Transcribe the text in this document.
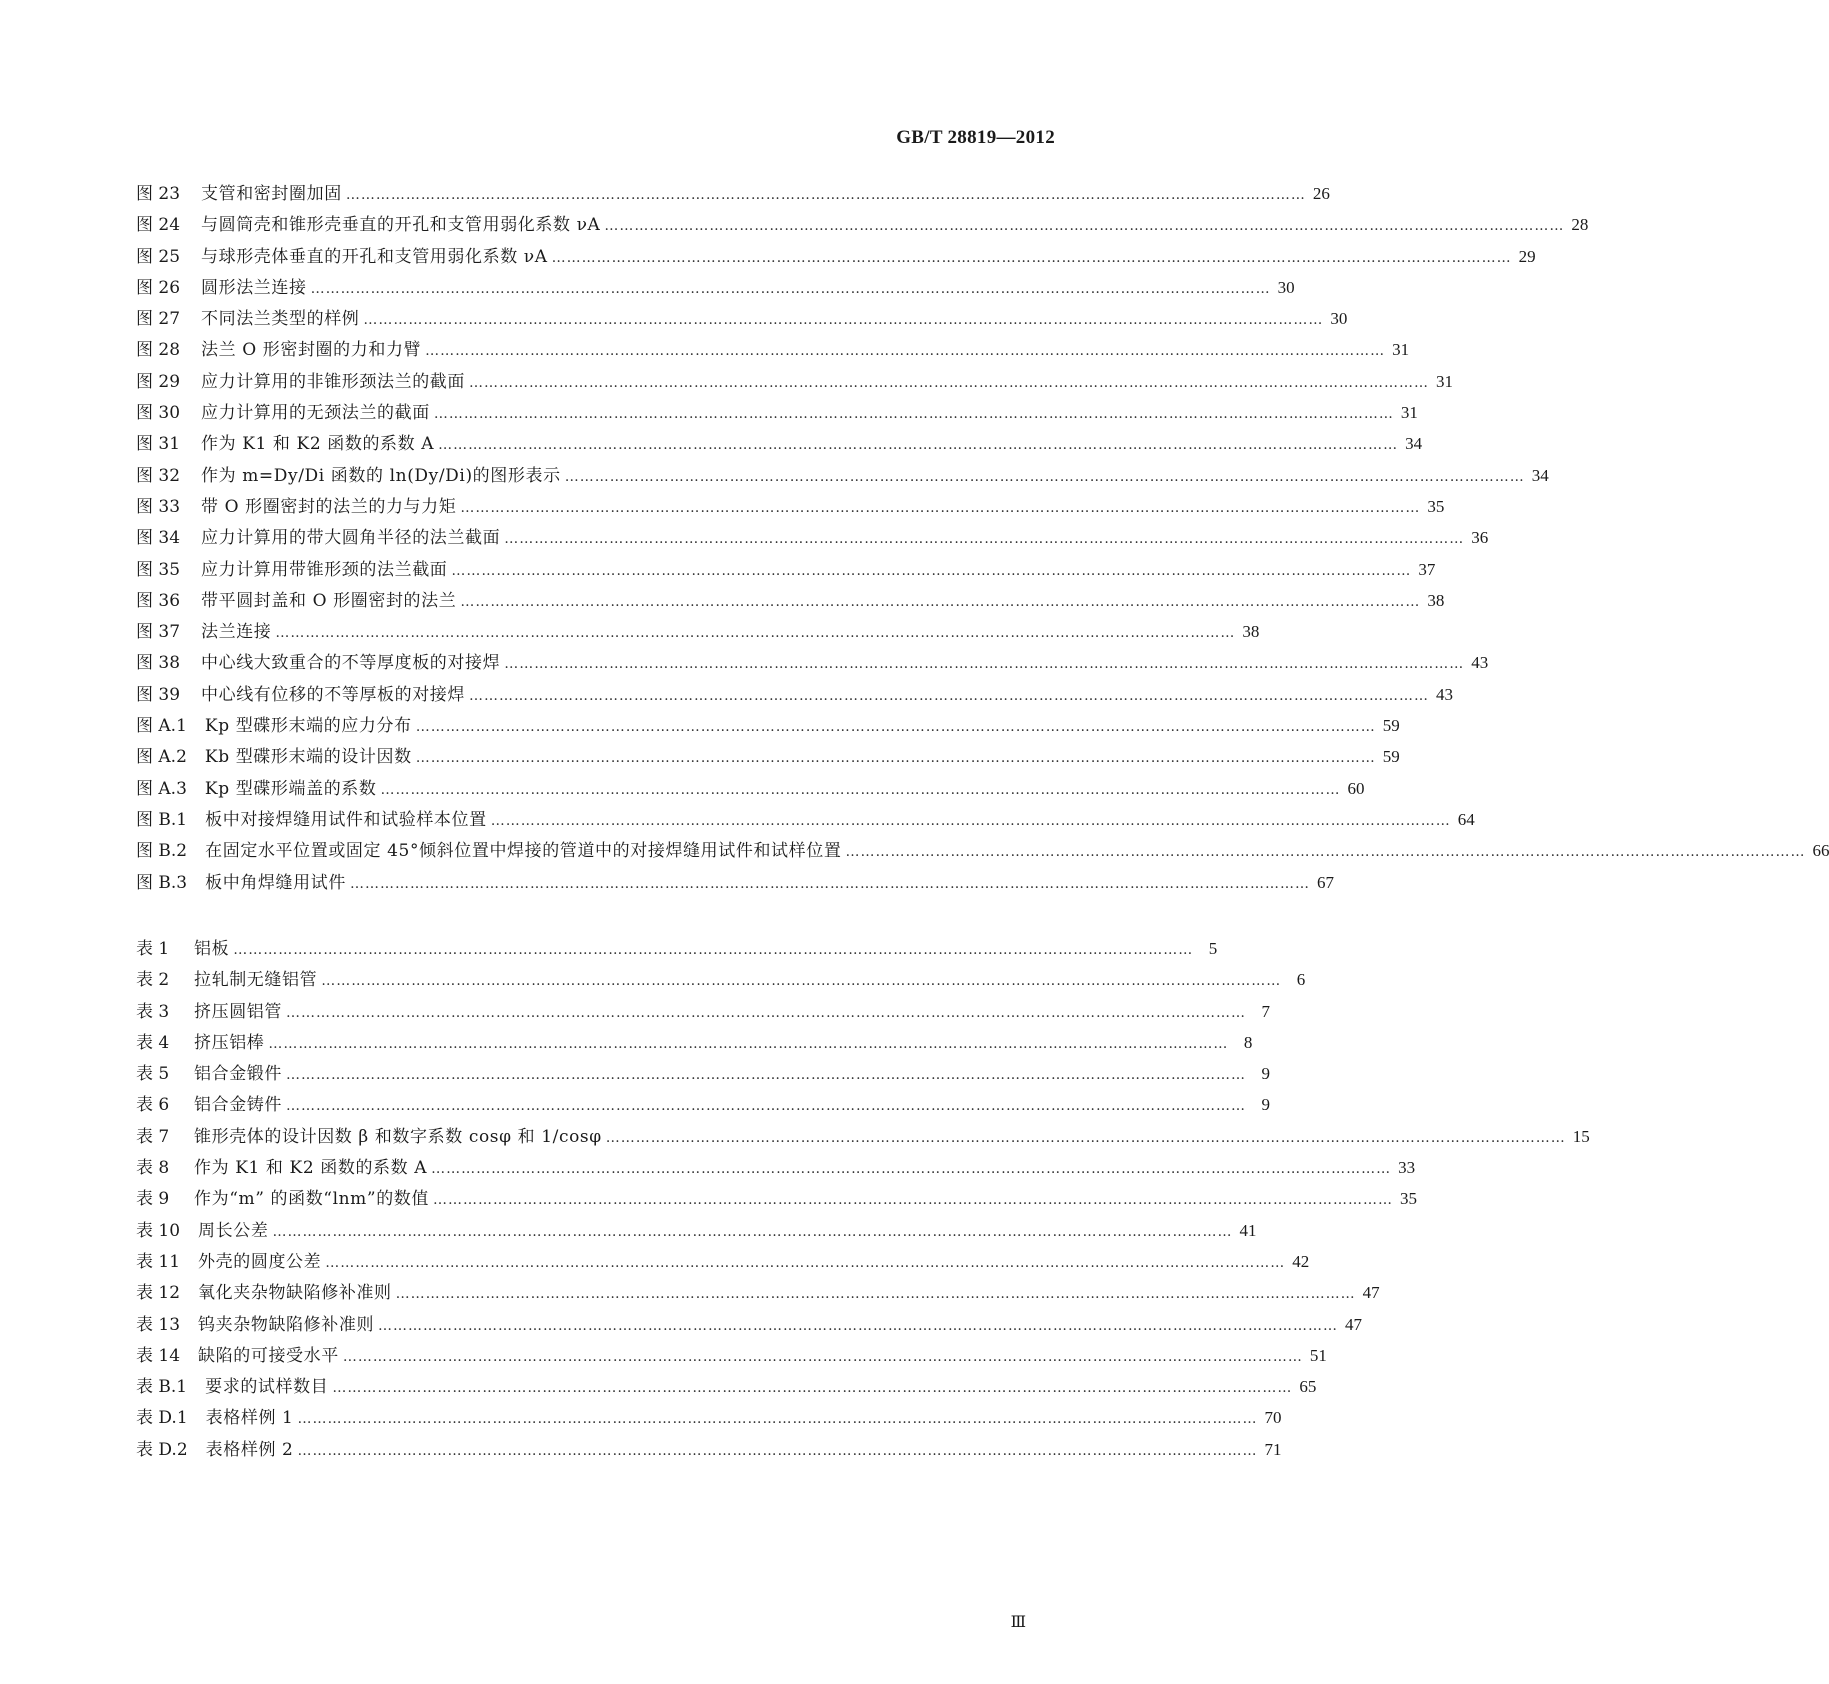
GB/T 28819—2012
图 23	支管和密封圈加固 …………………………………………………………………………………………………………………………………………………………………………	26
图 24	与圆筒壳和锥形壳垂直的开孔和支管用弱化系数 νA …………………………………………………………………………………………………………………………………………………………………………	28
图 25	与球形壳体垂直的开孔和支管用弱化系数 νA …………………………………………………………………………………………………………………………………………………………………………	29
图 26	圆形法兰连接 …………………………………………………………………………………………………………………………………………………………………………	30
图 27	不同法兰类型的样例 …………………………………………………………………………………………………………………………………………………………………………	30
图 28	法兰 O 形密封圈的力和力臂 …………………………………………………………………………………………………………………………………………………………………………	31
图 29	应力计算用的非锥形颈法兰的截面 …………………………………………………………………………………………………………………………………………………………………………	31
图 30	应力计算用的无颈法兰的截面 …………………………………………………………………………………………………………………………………………………………………………	31
图 31	作为 K1 和 K2 函数的系数 A …………………………………………………………………………………………………………………………………………………………………………	34
图 32	作为 m=Dy/Di 函数的 ln(Dy/Di)的图形表示 …………………………………………………………………………………………………………………………………………………………………………	34
图 33	带 O 形圈密封的法兰的力与力矩 …………………………………………………………………………………………………………………………………………………………………………	35
图 34	应力计算用的带大圆角半径的法兰截面 …………………………………………………………………………………………………………………………………………………………………………	36
图 35	应力计算用带锥形颈的法兰截面 …………………………………………………………………………………………………………………………………………………………………………	37
图 36	带平圆封盖和 O 形圈密封的法兰 …………………………………………………………………………………………………………………………………………………………………………	38
图 37	法兰连接 …………………………………………………………………………………………………………………………………………………………………………	38
图 38	中心线大致重合的不等厚度板的对接焊 …………………………………………………………………………………………………………………………………………………………………………	43
图 39	中心线有位移的不等厚板的对接焊 …………………………………………………………………………………………………………………………………………………………………………	43
图 A.1	Kp 型碟形末端的应力分布 …………………………………………………………………………………………………………………………………………………………………………	59
图 A.2	Kb 型碟形末端的设计因数 …………………………………………………………………………………………………………………………………………………………………………	59
图 A.3	Kp 型碟形端盖的系数 …………………………………………………………………………………………………………………………………………………………………………	60
图 B.1	板中对接焊缝用试件和试验样本位置 …………………………………………………………………………………………………………………………………………………………………………	64
图 B.2	在固定水平位置或固定 45°倾斜位置中焊接的管道中的对接焊缝用试件和试样位置 …………………………………………………………………………………………………………………………………………………………………………	66
图 B.3	板中角焊缝用试件 …………………………………………………………………………………………………………………………………………………………………………	67
表 1	铝板 …………………………………………………………………………………………………………………………………………………………………………	5
表 2	拉轧制无缝铝管 …………………………………………………………………………………………………………………………………………………………………………	6
表 3	挤压圆铝管 …………………………………………………………………………………………………………………………………………………………………………	7
表 4	挤压铝棒 …………………………………………………………………………………………………………………………………………………………………………	8
表 5	铝合金锻件 …………………………………………………………………………………………………………………………………………………………………………	9
表 6	铝合金铸件 …………………………………………………………………………………………………………………………………………………………………………	9
表 7	锥形壳体的设计因数 β 和数字系数 cosφ 和 1/cosφ …………………………………………………………………………………………………………………………………………………………………………	15
表 8	作为 K1 和 K2 函数的系数 A …………………………………………………………………………………………………………………………………………………………………………	33
表 9	作为“m” 的函数“lnm”的数值 …………………………………………………………………………………………………………………………………………………………………………	35
表 10	周长公差 …………………………………………………………………………………………………………………………………………………………………………	41
表 11	外壳的圆度公差 …………………………………………………………………………………………………………………………………………………………………………	42
表 12	氧化夹杂物缺陷修补准则 …………………………………………………………………………………………………………………………………………………………………………	47
表 13	钨夹杂物缺陷修补准则 …………………………………………………………………………………………………………………………………………………………………………	47
表 14	缺陷的可接受水平 …………………………………………………………………………………………………………………………………………………………………………	51
表 B.1	要求的试样数目 …………………………………………………………………………………………………………………………………………………………………………	65
表 D.1	表格样例 1 …………………………………………………………………………………………………………………………………………………………………………	70
表 D.2	表格样例 2 …………………………………………………………………………………………………………………………………………………………………………	71
Ⅲ
